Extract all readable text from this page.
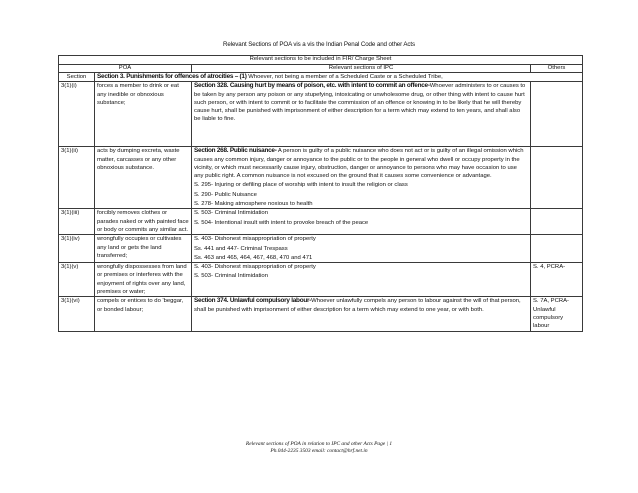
Relevant Sections of POA vis a vis the Indian Penal Code and other Acts
Relevant sections to be included in FIR/ Charge Sheet			
POA		Relevant sections of IPC	Others
Section	Section 3. Punishments for offences of atrocities – (1) Whoever, not being a member of a Scheduled Caste or a Scheduled Tribe,		
3(1)(i)	forces a member to drink or eat any inedible or obnoxious substance;	Section 328. Causing hurt by means of poison, etc. with intent to commit an offence-Whoever administers to or causes to be taken by any person any poison or any stupefying, intoxicating or unwholesome drug, or other thing with intent to cause hurt such person, or with intent to commit or to facilitate the commission of an offence or knowing in to be likely that he will thereby cause hurt, shall be punished with imprisonment of either description for a term which may extend to ten years, and shall also be liable to fine.	
3(1)(ii)	acts by dumping excreta, waste matter, carcasses or any other obnoxious substance.	Section 268. Public nuisance- A person is guilty of a public nuisance who does not act or is guilty of an illegal omission which causes any common injury, danger or annoyance to the public or to the people in general who dwell or occupy property in the vicinity, or which must necessarily cause injury, obstruction, danger or annoyance to persons who may have occasion to use any public right. A common nuisance is not excused on the ground that it causes some convenience or advantage.

S. 295- Injuring or defiling place of worship with intent to insult the religion or class

S. 290- Public Nuisance

S. 278- Making atmosphere noxious to health	

3(1)(iii)	forcibly removes clothes or parades naked or with painted face or body or commits any similar act.	S. 503- Criminal Intimidation

S. 504- Intentional insult with intent to provoke breach of the peace	

3(1)(iv)	wrongfully occupies or cultivates any land or gets the land transferred;	S. 403- Dishonest misappropriation of property

Ss. 441 and 447- Criminal Trespass

Ss. 463 and 465, 464, 467, 468, 470 and 471	

3(1)(v)	wrongfully dispossesses from land or premises or interferes with the enjoyment of rights over any land, premises or water;	S. 403- Dishonest misappropriation of property

S. 503- Criminal Intimidation	S. 4, PCRA-
3(1)(vi)	compels or entices to do 'beggar, or bonded labour;	Section 374. Unlawful compulsory labour-Whoever unlawfully compels any person to labour against the will of that person, shall be punished with imprisonment of either description for a term which may extend to one year, or with both.	S. 7A, PCRA- Unlawful compulsory labour
Relevant sections of POA in relation to IPC and other Acts Page | 1
Ph.044-2235 3503 email: contact@hrf.net.in
